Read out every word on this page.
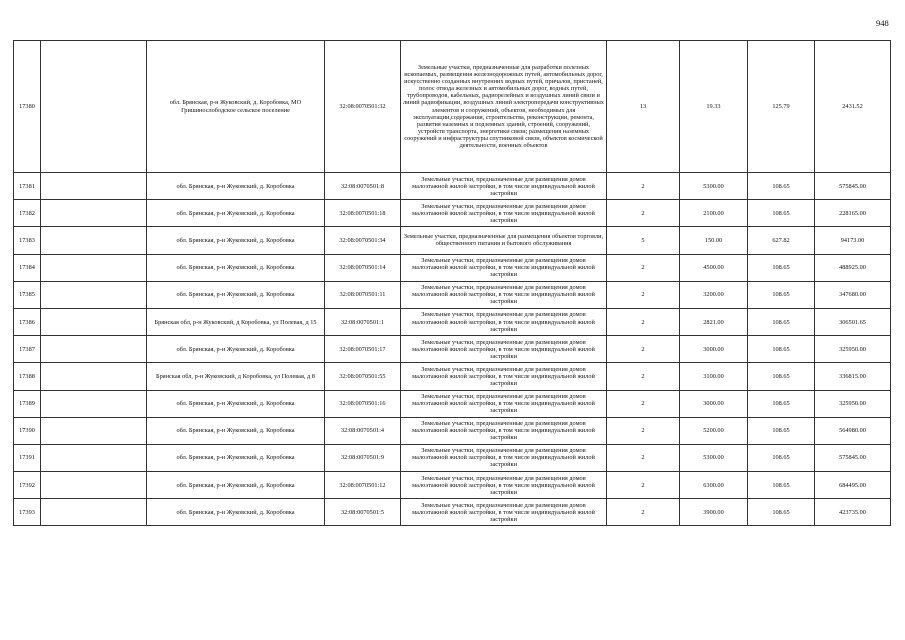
948
17380		обл. Брянская, р-н Жуковский, д. Коробовка, МО Гришинослободское сельское поселение	32:08:0070501:32	Земельные участки, предназначенные для разработки полезных ископаемых, размещения железнодорожных путей, автомобильных дорог, искусственно созданных внутренних водных путей, причалов, пристаней, полос отвода железных и автомобильных дорог, водных путей, трубопроводов, кабельных, радиорелейных и воздушных линий связи и линий радиофикации, воздушных линий электропередачи конструктивных элементов и сооружений, объектов, необходимых для эксплуатации,содержания, строительства, реконструкции, ремонта, развития наземных и подземных зданий, строений, сооружений, устройств транспорта, энергетики связи; размещения наземных сооружений и инфраструктуры спутниковой связи, объектов космической деятельности, военных объектов	13	19.33	125.79	2431.52
17381		обл. Брянская, р-н Жуковский, д. Коробовка	32:08:0070501:8	Земельные участки, предназначенные для размещения домов малоэтажной жилой застройки, в том числе индивидуальной жилой застройки	2	5300.00	108.65	575845.00
17382		обл. Брянская, р-н Жуковский, д. Коробовка	32:08:0070501:18	Земельные участки, предназначенные для размещения домов малоэтажной жилой застройки, в том числе индивидуальной жилой застройки	2	2100.00	108.65	228165.00
17383		обл. Брянская, р-н Жуковский, д. Коробовка	32:08:0070501:34	Земельные участки, предназначенные для размещения объектов торговли, общественного питания и бытового обслуживания	5	150.00	627.82	94173.00
17384		обл. Брянская, р-н Жуковский, д. Коробовка	32:08:0070501:14	Земельные участки, предназначенные для размещения домов малоэтажной жилой застройки, в том числе индивидуальной жилой застройки	2	4500.00	108.65	488925.00
17385		обл. Брянская, р-н Жуковский, д. Коробовка	32:08:0070501:11	Земельные участки, предназначенные для размещения домов малоэтажной жилой застройки, в том числе индивидуальной жилой застройки	2	3200.00	108.65	347680.00
17386		Брянская обл, р-н Жуковский, д Коробовка, ул Полевая, д 15	32:08:0070501:1	Земельные участки, предназначенные для размещения домов малоэтажной жилой застройки, в том числе индивидуальной жилой застройки	2	2821.00	108.65	306501.65
17387		обл. Брянская, р-н Жуковский, д. Коробовка	32:08:0070501:17	Земельные участки, предназначенные для размещения домов малоэтажной жилой застройки, в том числе индивидуальной жилой застройки	2	3000.00	108.65	325950.00
17388		Брянская обл, р-н Жуковский, д Коробовка, ул Полевая, д 8	32:08:0070501:55	Земельные участки, предназначенные для размещения домов малоэтажной жилой застройки, в том числе индивидуальной жилой застройки	2	3100.00	108.65	336815.00
17389		обл. Брянская, р-н Жуковский, д. Коробовка	32:08:0070501:16	Земельные участки, предназначенные для размещения домов малоэтажной жилой застройки, в том числе индивидуальной жилой застройки	2	3000.00	108.65	325950.00
17390		обл. Брянская, р-н Жуковский, д. Коробовка	32:08:0070501:4	Земельные участки, предназначенные для размещения домов малоэтажной жилой застройки, в том числе индивидуальной жилой застройки	2	5200.00	108.65	564980.00
17391		обл. Брянская, р-н Жуковский, д. Коробовка	32:08:0070501:9	Земельные участки, предназначенные для размещения домов малоэтажной жилой застройки, в том числе индивидуальной жилой застройки	2	5300.00	108.65	575845.00
17392		обл. Брянская, р-н Жуковский, д. Коробовка	32:08:0070501:12	Земельные участки, предназначенные для размещения домов малоэтажной жилой застройки, в том числе индивидуальной жилой застройки	2	6300.00	108.65	684495.00
17393		обл. Брянская, р-н Жуковский, д. Коробовка	32:08:0070501:5	Земельные участки, предназначенные для размещения домов малоэтажной жилой застройки, в том числе индивидуальной жилой застройки	2	3900.00	108.65	423735.00
